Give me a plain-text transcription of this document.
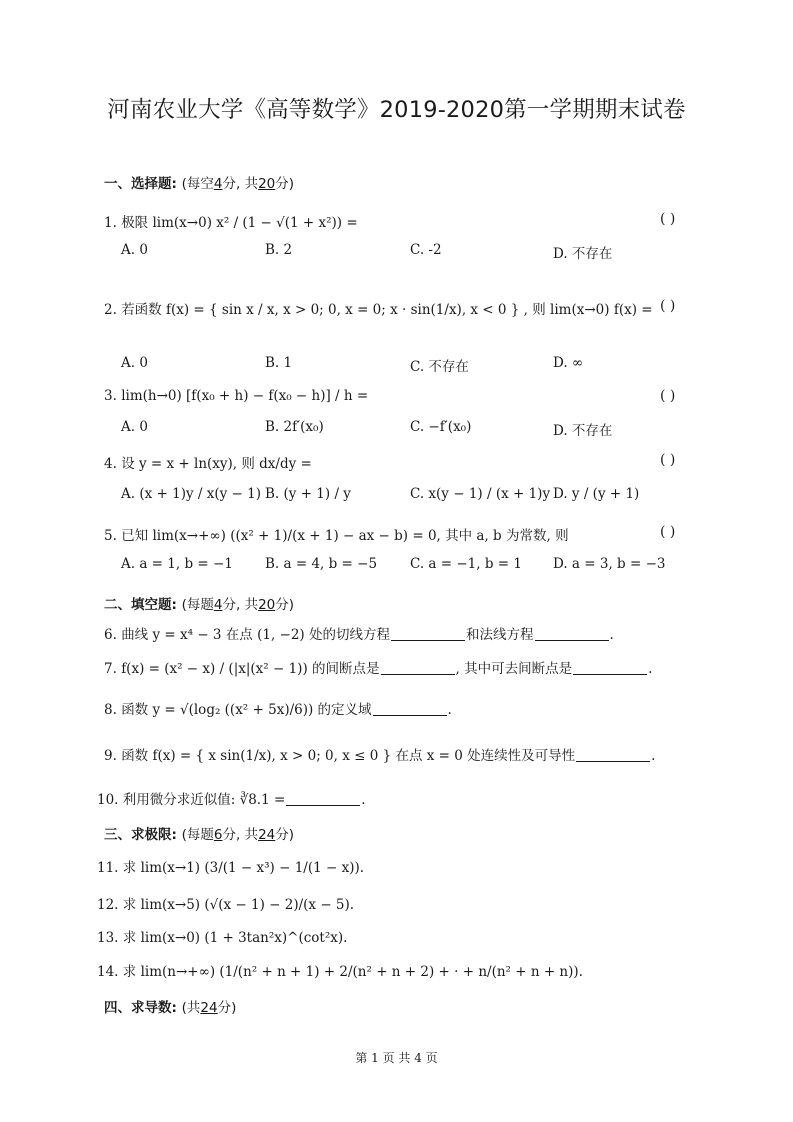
河南农业大学《高等数学》2019-2020第一学期期末试卷
一、选择题: (每空4分, 共20分)
1. 极限 lim(x→0) x² / (1 − √(1 + x²)) =	( )
A. 0	B. 2	C. -2	D. 不存在
2. 若函数 f(x) = { sin x / x, x > 0; 0, x = 0; x · sin(1/x), x < 0 } , 则 lim(x→0) f(x) = ( )
A. 0	B. 1	C. 不存在	D. ∞
3. lim(h→0) [f(x₀ + h) − f(x₀ − h)] / h =	( )
A. 0	B. 2f′(x₀)	C. −f′(x₀)	D. 不存在
4. 设 y = x + ln(xy), 则 dx/dy =	( )
A. (x + 1)y / x(y − 1) B. (y + 1) / y	C. x(y − 1) / (x + 1)y D. y / (y + 1)
5. 已知 lim(x→+∞) ((x² + 1)/(x + 1) − ax − b) = 0, 其中 a, b 为常数, 则	( )
A. a = 1, b = −1 B. a = 4, b = −5 C. a = −1, b = 1 D. a = 3, b = −3
二、填空题: (每题4分, 共20分)
6. 曲线 y = x⁴ − 3 在点 (1, −2) 处的切线方程	和法线方程	.
7. f(x) = (x² − x) / (|x|(x² − 1)) 的间断点是	, 其中可去间断点是	.
8. 函数 y = √(log₂ ((x² + 5x)/6)) 的定义域	.
9. 函数 f(x) = { x sin(1/x), x > 0; 0, x ≤ 0 } 在点 x = 0 处连续性及可导性	.
10. 利用微分求近似值: ∛8.1 =	.
三、求极限: (每题6分, 共24分)
11. 求 lim(x→1) (3/(1 − x³) − 1/(1 − x)).
12. 求 lim(x→5) (√(x − 1) − 2)/(x − 5).
13. 求 lim(x→0) (1 + 3tan²x)^(cot²x).
14. 求 lim(n→+∞) (1/(n² + n + 1) + 2/(n² + n + 2) + · + n/(n² + n + n)).
四、求导数: (共24分)
第 1 页 共 4 页
